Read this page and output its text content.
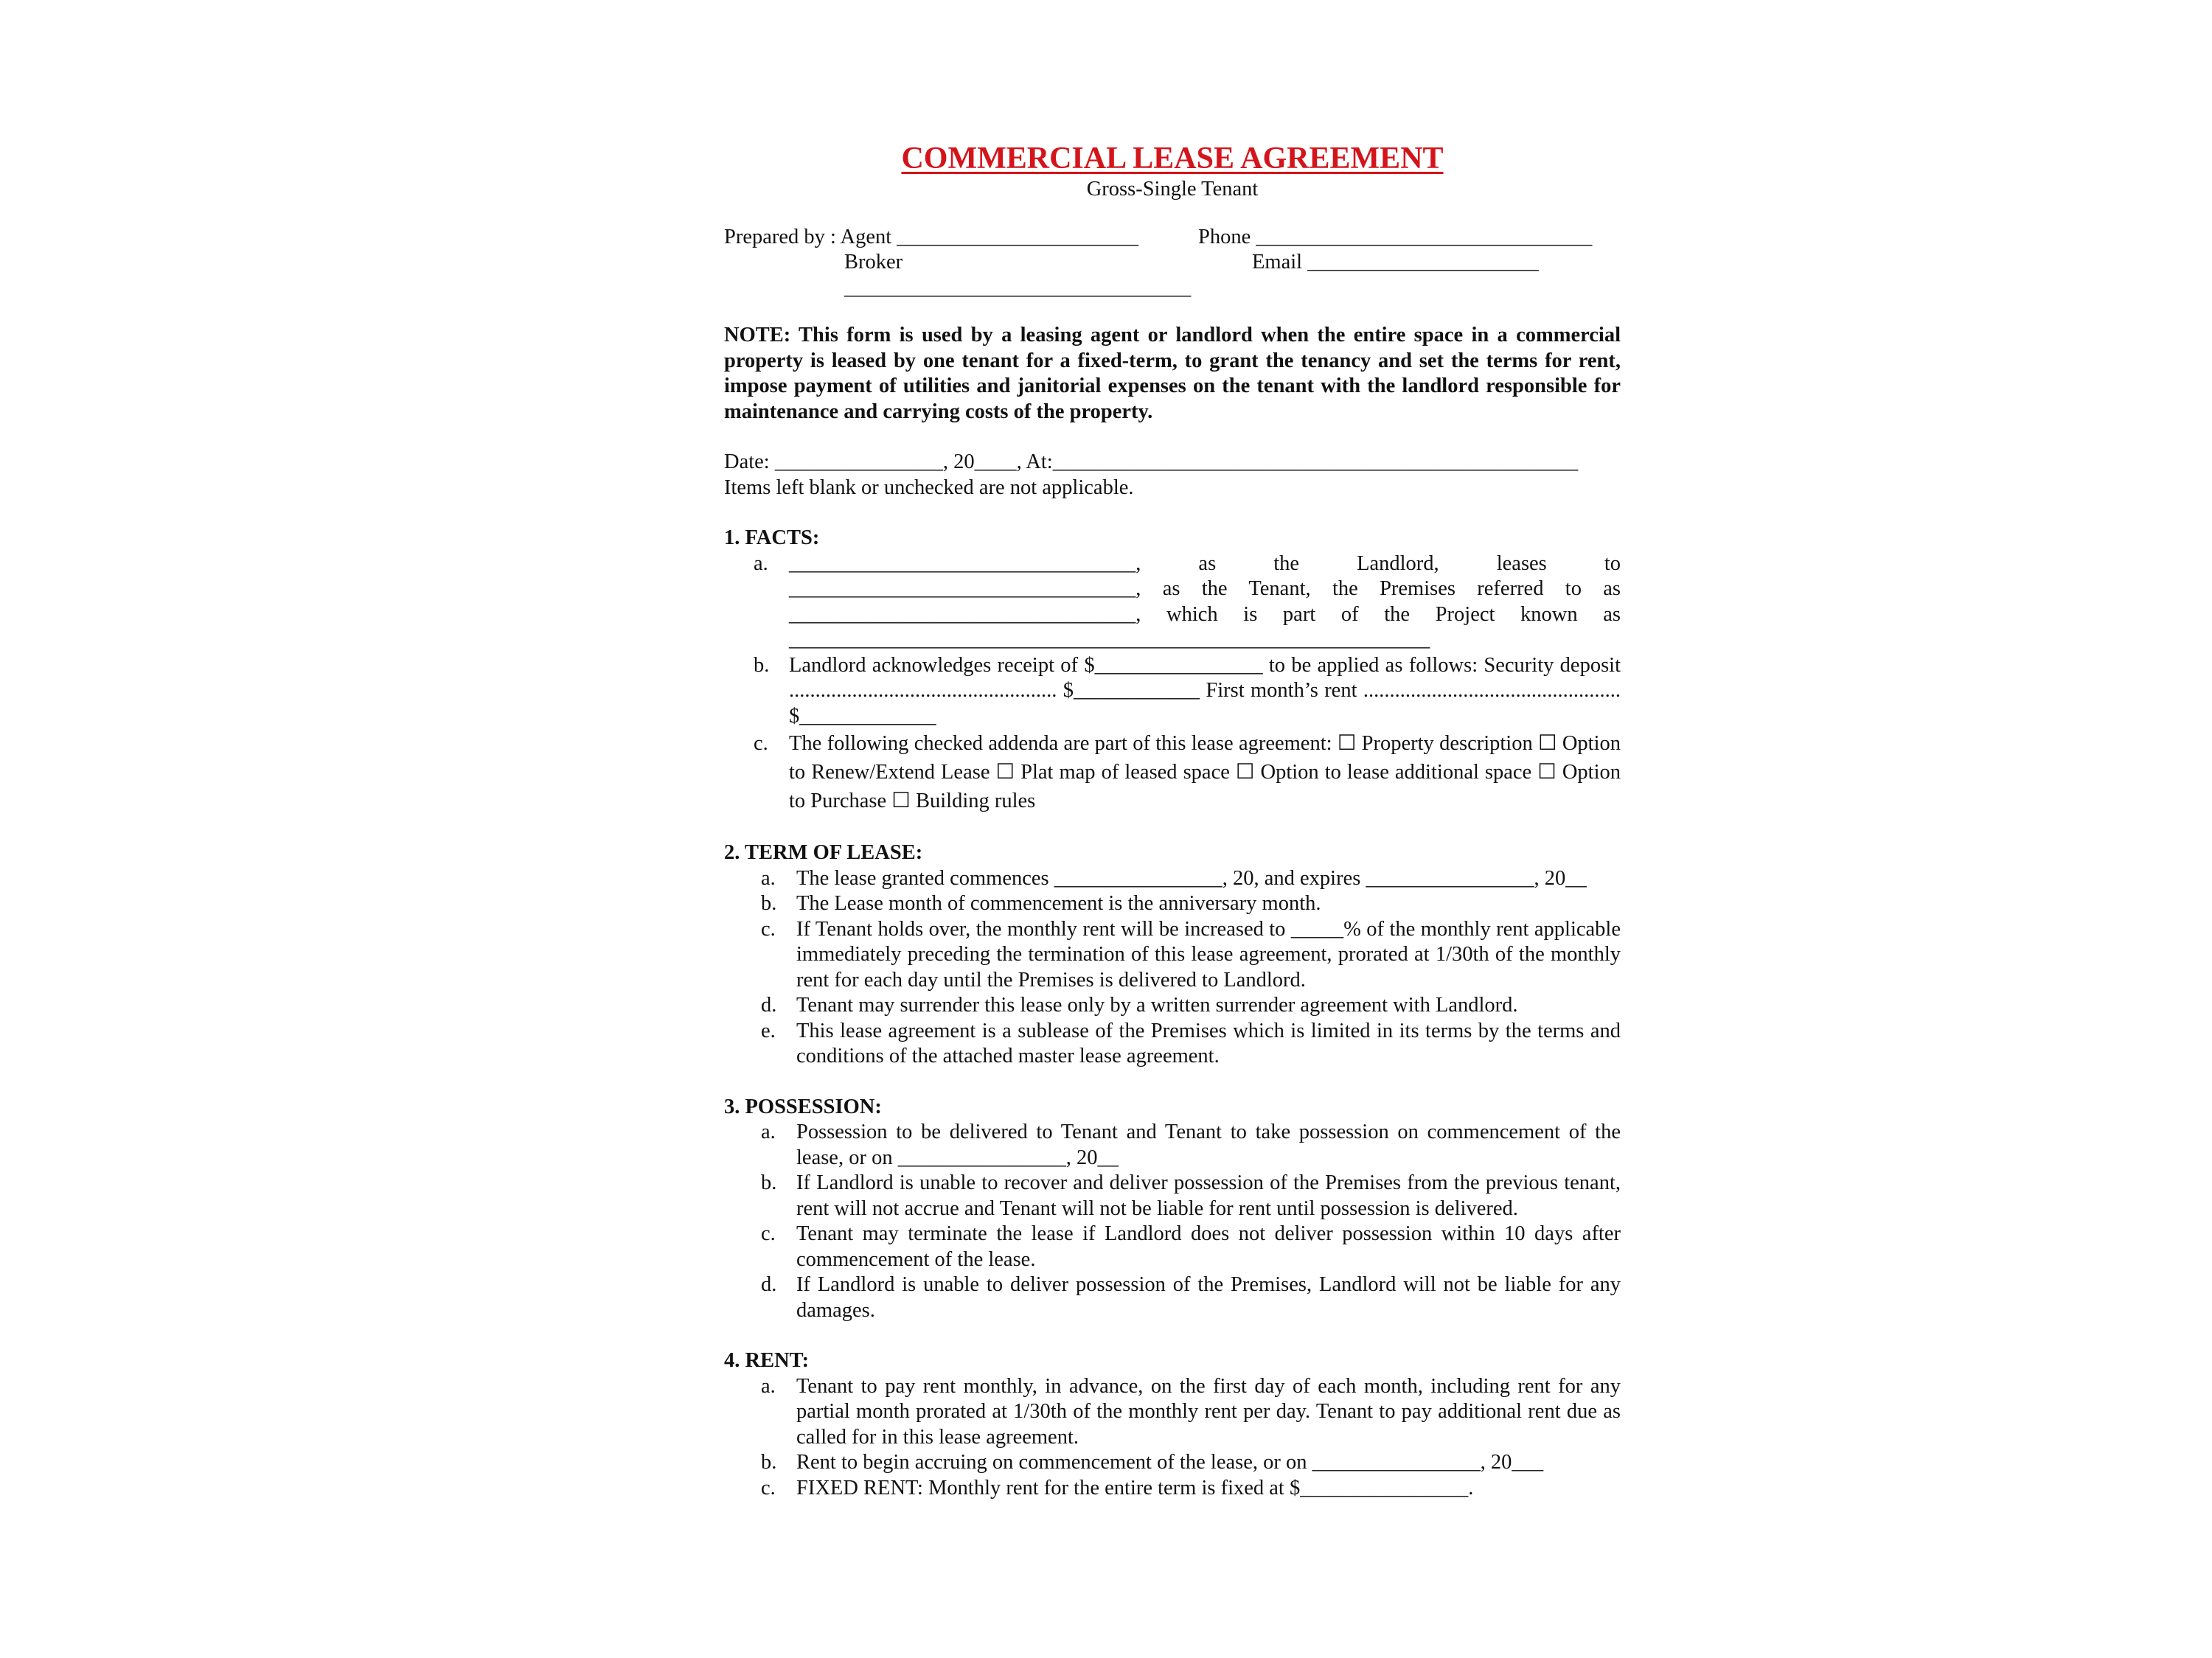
COMMERCIAL LEASE AGREEMENT
Gross-Single Tenant
Prepared by : Agent _______________________	Phone ________________________________
Broker _________________________________
Email ______________________
NOTE: This form is used by a leasing agent or landlord when the entire space in a commercial property is leased by one tenant for a fixed-term, to grant the tenancy and set the terms for rent, impose payment of utilities and janitorial expenses on the tenant with the landlord responsible for maintenance and carrying costs of the property.
Date: ________________, 20____, At:__________________________________________________
Items left blank or unchecked are not applicable.
1. FACTS:
a. _________________________________, as the Landlord, leases to _________________________________, as the Tenant, the Premises referred to as _________________________________, which is part of the Project known as _____________________________________________________________
b. Landlord acknowledges receipt of $________________ to be applied as follows: Security deposit ................................................... $____________ First month’s rent ................................................. $_____________
c. The following checked addenda are part of this lease agreement: ☐ Property description ☐ Option to Renew/Extend Lease ☐ Plat map of leased space ☐ Option to lease additional space ☐ Option to Purchase ☐ Building rules
2. TERM OF LEASE:
a. The lease granted commences ________________, 20, and expires ________________, 20__
b. The Lease month of commencement is the anniversary month.
c. If Tenant holds over, the monthly rent will be increased to _____% of the monthly rent applicable immediately preceding the termination of this lease agreement, prorated at 1/30th of the monthly rent for each day until the Premises is delivered to Landlord.
d. Tenant may surrender this lease only by a written surrender agreement with Landlord.
e. This lease agreement is a sublease of the Premises which is limited in its terms by the terms and conditions of the attached master lease agreement.
3. POSSESSION:
a. Possession to be delivered to Tenant and Tenant to take possession on commencement of the lease, or on ________________, 20__
b. If Landlord is unable to recover and deliver possession of the Premises from the previous tenant, rent will not accrue and Tenant will not be liable for rent until possession is delivered.
c. Tenant may terminate the lease if Landlord does not deliver possession within 10 days after commencement of the lease.
d. If Landlord is unable to deliver possession of the Premises, Landlord will not be liable for any damages.
4. RENT:
a. Tenant to pay rent monthly, in advance, on the first day of each month, including rent for any partial month prorated at 1/30th of the monthly rent per day. Tenant to pay additional rent due as called for in this lease agreement.
b. Rent to begin accruing on commencement of the lease, or on ________________, 20___
c. FIXED RENT: Monthly rent for the entire term is fixed at $________________.
